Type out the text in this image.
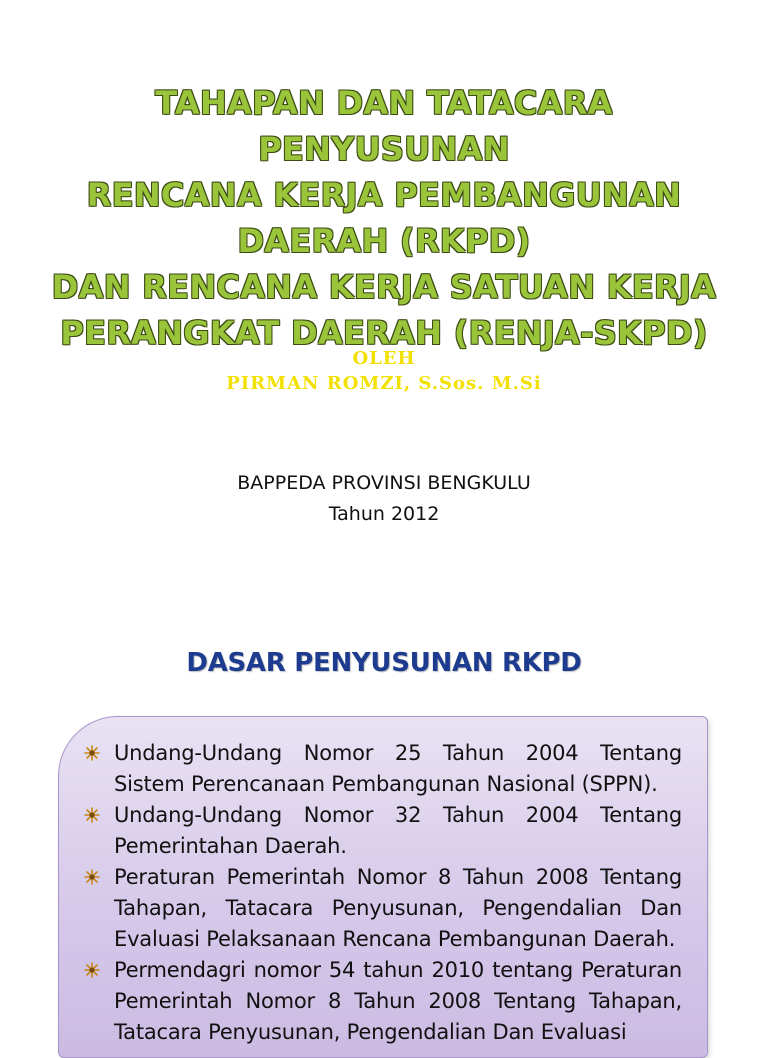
TAHAPAN DAN TATACARA PENYUSUNAN
RENCANA KERJA PEMBANGUNAN
DAERAH (RKPD)
DAN RENCANA KERJA SATUAN KERJA
PERANGKAT DAERAH (RENJA-SKPD)
OLEH
PIRMAN ROMZI, S.Sos. M.Si
BAPPEDA PROVINSI BENGKULU
Tahun 2012
DASAR PENYUSUNAN RKPD
Undang-Undang Nomor 25 Tahun 2004 Tentang Sistem Perencanaan Pembangunan Nasional (SPPN).
Undang-Undang Nomor 32 Tahun 2004 Tentang Pemerintahan Daerah.
Peraturan Pemerintah Nomor 8 Tahun 2008 Tentang Tahapan, Tatacara Penyusunan, Pengendalian Dan Evaluasi Pelaksanaan Rencana Pembangunan Daerah.
Permendagri nomor 54 tahun 2010 tentang Peraturan Pemerintah Nomor 8 Tahun 2008 Tentang Tahapan, Tatacara Penyusunan, Pengendalian Dan Evaluasi
